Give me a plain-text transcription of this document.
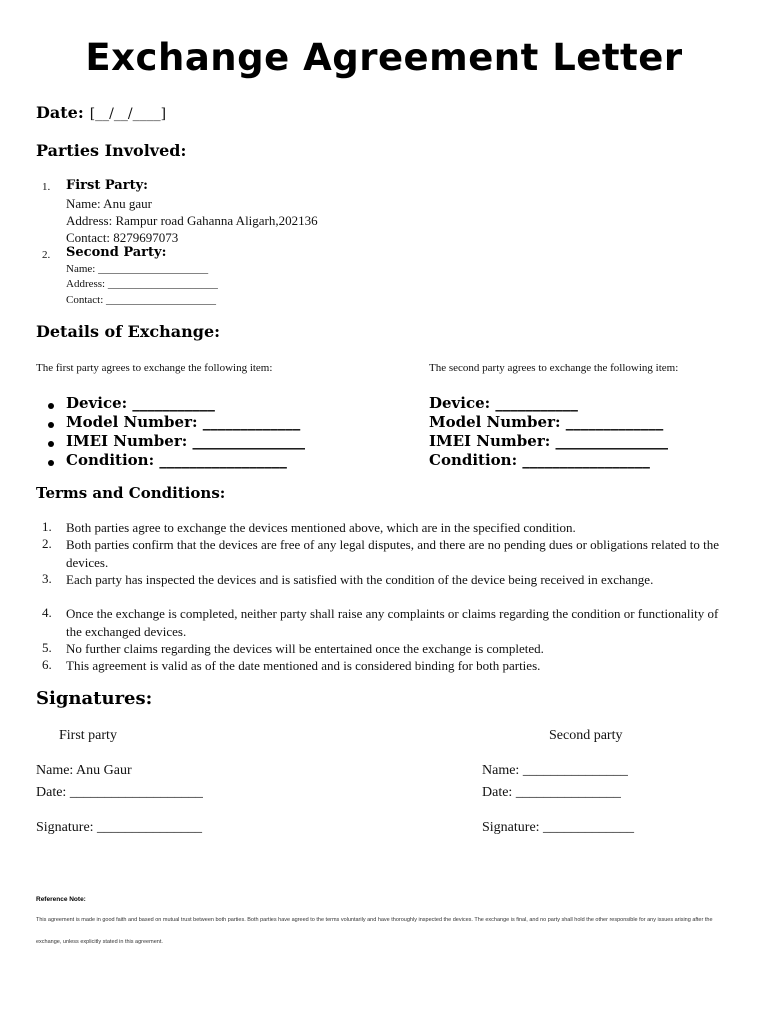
Exchange Agreement Letter
Date: [__/__/____]
Parties Involved:
1. First Party:
Name: Anu gaur
Address: Rampur road Gahanna Aligarh,202136
Contact: 8279697073
2. Second Party:
Name: ____________________
Address: ____________________
Contact: ____________________
Details of Exchange:
The first party agrees to exchange the following item:	The second party agrees to exchange the following item:
Device: ___________
Model Number: _____________
IMEI Number: _______________
Condition: _________________
Device: ___________
Model Number: _____________
IMEI Number: _______________
Condition: _________________
Terms and Conditions:
1. Both parties agree to exchange the devices mentioned above, which are in the specified condition.
2. Both parties confirm that the devices are free of any legal disputes, and there are no pending dues or obligations related to the devices.
3. Each party has inspected the devices and is satisfied with the condition of the device being received in exchange.
4. Once the exchange is completed, neither party shall raise any complaints or claims regarding the condition or functionality of the exchanged devices.
5. No further claims regarding the devices will be entertained once the exchange is completed.
6. This agreement is valid as of the date mentioned and is considered binding for both parties.
Signatures:
First party	Second party
Name: Anu Gaur
Date: ___________________
Signature: _______________
Name: _______________
Date: _______________
Signature: _____________
Reference Note:
This agreement is made in good faith and based on mutual trust between both parties. Both parties have agreed to the terms voluntarily and have thoroughly inspected the devices. The exchange is final, and no party shall hold the other responsible for any issues arising after the
exchange, unless explicitly stated in this agreement.
